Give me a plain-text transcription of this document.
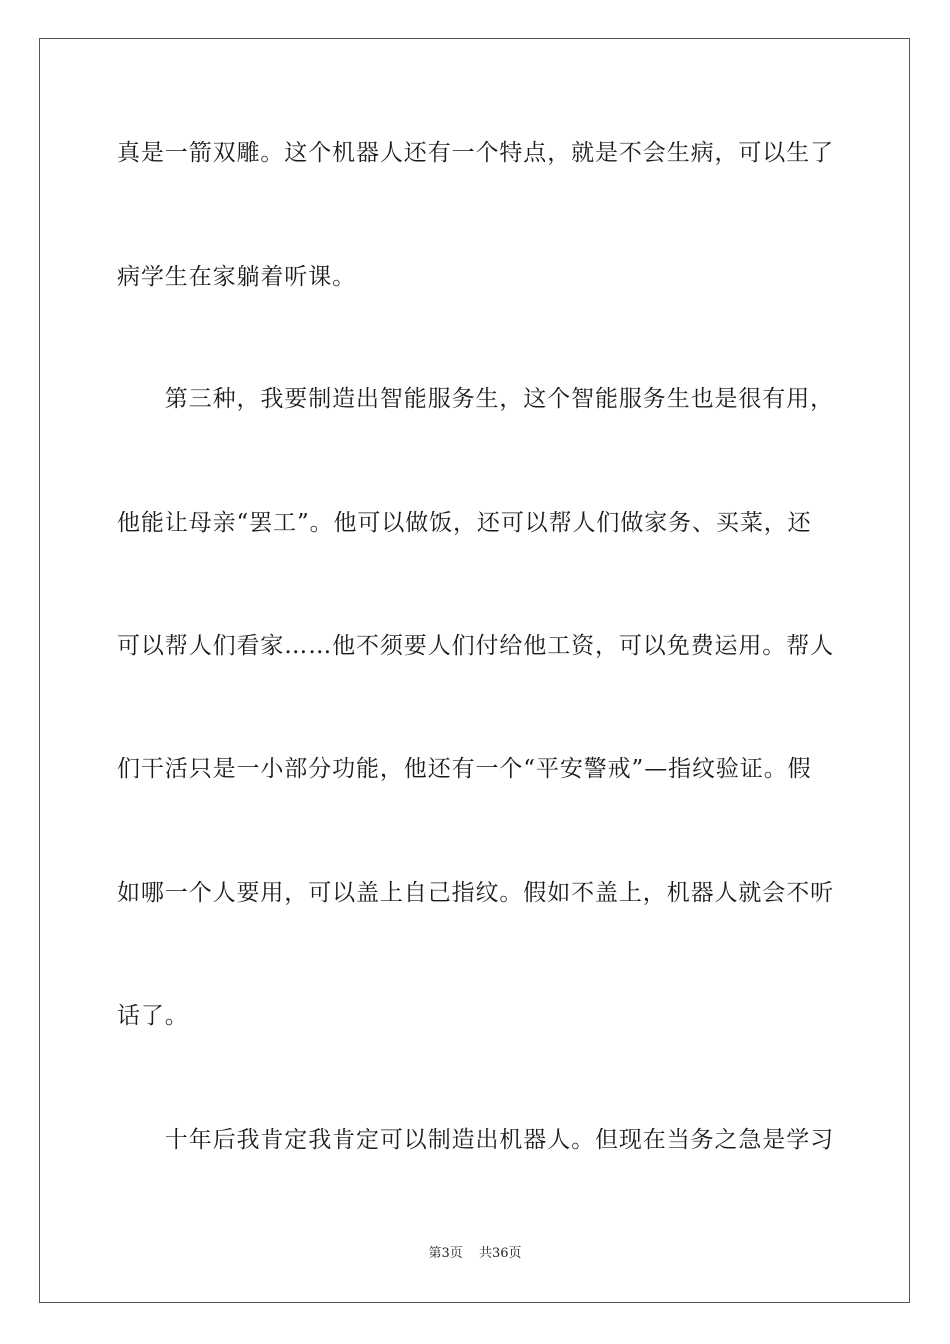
真是一箭双雕。这个机器人还有一个特点，就是不会生病，可以生了
病学生在家躺着听课。
　　第三种，我要制造出智能服务生，这个智能服务生也是很有用，
他能让母亲“罢工”。他可以做饭，还可以帮人们做家务、买菜，还
可以帮人们看家……他不须要人们付给他工资，可以免费运用。帮人
们干活只是一小部分功能，他还有一个“平安警戒”—指纹验证。假
如哪一个人要用，可以盖上自己指纹。假如不盖上，机器人就会不听
话了。
　　十年后我肯定我肯定可以制造出机器人。但现在当务之急是学习
第3页 共36页
